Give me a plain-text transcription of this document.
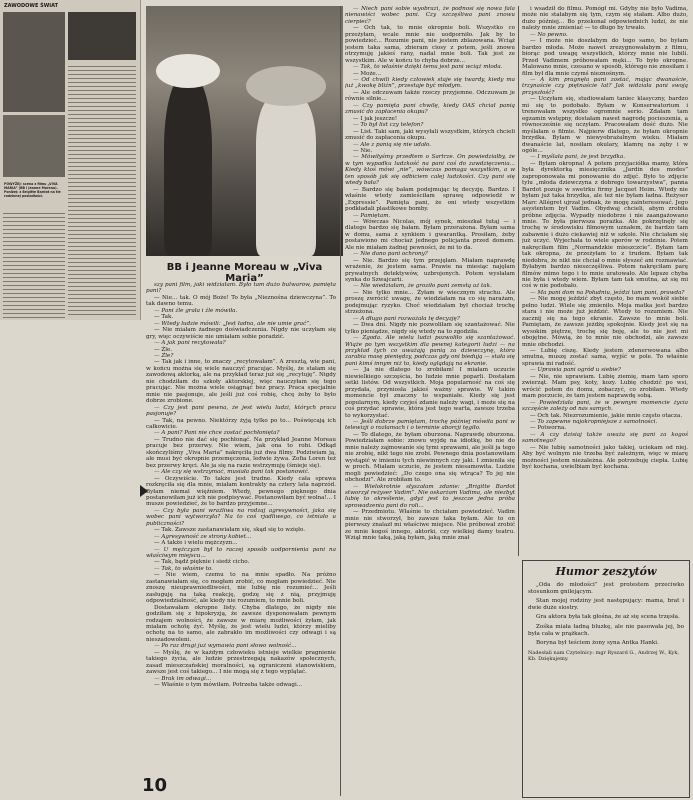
ZAWODOWE ŚWIAT
POWYŻEJ: scena z filmu „VIVA MARIA” (BB i Jeanne Moreau). Poniżej: z Brigitte Bardot na tle rodzinnej posiadłości.
BB i Jeanne Moreau w „Viva Maria”

szy pani film, jaki widziałam. Było tam dużo bulwarów, pamięta pani?

— Nie... tak. O mój Boże! To była „Nieznośna dziewczyna”. To tak dawno temu.

— Pani źle grała i źle mówiła.

— Tak.

— Wtedy ludzie mówili: „Jest ładna, ale nie umie grać”.

— Nie miałam żadnego doświadczenia. Nigdy nie uczyłam się gry, więc oczywiście nie umiałam sobie poradzić.

— A jak pani recytowała?

— Źle.

— Źle?

— Tak jak i inne, to znaczy „recytowałam”. A zresztą, wie pani, w końcu można się wiele nauczyć pracując. Myślę, że stałam się zawodową aktorką, ale na przykład teraz już się „recytuję”. Nigdy nie chodziłam do szkoły aktorskiej, więc nauczyłam się tego pracując. Nie można wiele osiągnąć bez pracy. Praca specjalnie mnie nie pasjonuje, ale jeśli już coś robię, chcę żeby to było dobrze zrobione.

— Czy jest pani pewna, że jest wielu ludzi, których praca pasjonuje?

— Tak, na pewno. Niektórzy żyją tylko po to... Poświęcają ich całkowicie.

— A pani? Pani nie chce zostać pochłonięta?

— Trudno nie dać się pochłonąć. Na przykład Jeanne Moreau pracuje bez przerwy. Nie wiem, jak ona to robi. Odkąd skończyliśmy „Viva Maria” nakręciła już dwa filmy. Podziwiam ją, ale musi być okropnie przemęczona, ledwie żywa. Zofia Loren też bez przerwy kręci. Ale ja się na razie wstrzymuję (śmieje się).

— Ale czy się wstrzymać, musiała pani tak postanowić.

— Oczywiście. To także jest trudne. Kiedy cała sprawa rozkręciła się dla mnie, miałam kontrakty na cztery lata naprzód. Byłam niemal więźniem. Wtedy, pewnego pięknego dnia postanowiłam już ich nie podpisywać. Postanowiłam być wolna!... I musze powiedzieć, że to bardzo przyjemne...

— Czy była pani wrażliwa na rodzaj agresywności, jaka się wobec pani wytworzyła? Na to coś rjadliwego, co istniało u publiczności?

— Tak. Zawsze zastanawiałam się, skąd się to wzięło.

— Agresywność ze strony kobiet...

— A także i wielu mężczyzn...

— U mężczyzn był to raczej sposób uodpornienia pani na właściwym miejscu...

— Tak, bądź pięknie i siedź cicho.

— Tak, to właśnie to.

— Nie wiem, czemu to na mnie spadło. Na próżno zastanawiałam się, co mogłam zrobić, co mogłam powiedzieć. Nie znoszę nieuprawniedliwości, nie lubię nie rozumieć... Jeśli zasługuję na taką reakcję, godzę się z nią, przyjmuję odpowiedzialność, ale kiedy nie rozumiem, to mnie boli.

Dostawałam okropne listy. Chyba dlatego, że nigdy nie godziłam się z hipokryzją, że zawsze dysponowałam pewnym rodzajem wolności, że zawsze w miarę możliwości żyłam, jak miałam ochotę żyć. Myślę, że jest wielu ludzi, którzy mieliby ochotę na to samo, ale zabrakło im możliwości czy odwagi i są nieszadowoleni.

— Po raz drugi już wymawia pani słowo wolność...

— Myślę, że w każdym człowieku istnieje wielkie pragnienie takiego życia, ale ludzie przestrzegają nakazów społecznych, zasad mieszczańskiej moralności, są ograniczeni stanowiskiem, zawsze jest coś takiego... I nie mogą się z tego wyplątać.

— Brak im odwagi...

— Właśnie o tym mówiłam. Potrzeba także odwagi...

— Niech pani sobie wyobrazi, że podnosi się nowa fala nienawiści wobec pani. Czy szczęśliwa pani znowu cierpieć?

— Och tak, to mnie okropnie boli. Wszystko co przeżyłam, wcale mnie nie uodporniło. Jak by to powiedzieć... Rozumie pani, nie jestem zblazowana. Wciąż jestem taka sama, zbieram ciosy z potem, jeśli znowu otrzymuję jakieś rany, nadal mnie boli. Tak jest ze wszystkim. Ale w końcu to chyba dobrze...

— Tak, to właśnie dzięki temu jest pani wciąż młoda.

— Może...

— Od chwili kiedy człowiek staje się twardy, kiedy ma już „kwokę bliźn”, przestaje być młodym.

— Ale odczuwam także rzeczy przyjemne. Odczuwam je równie silnie...

— Czy pamięta pani chwilę, kiedy OAS chciał panią zmusić do zapłacenia okupu?

— I jak jeszcze!

— To był list czy telefon?

— List. Taki sam, jaki wysyłali wszystkim, których chcieli zmusić do zapłacenia okupu.

— Ale z panią się nie udało.

— Nie.

— Mówiłyśmy przedtem o Sartrze. On powiedziałby, że w tym wypadku ludzkość na pani coś do zawdzięczenia... Kiedy ktoś mówi „nie”, wówczas pomaga wszystkim, a w ten sposób jak się odbiciem całej ludzkości. Czy pani się wtedy bała?

— Bardzo się bałam podejmując tę decyzję. Bardzo. I właśnie wtedy zamieściłam sprawę odpowiedź w „Expressie”. Pamięta pani, że oni wtedy wszystkim podkładali plastikowe bomby.

— Pamiętam.

— Wówczas Nicolas, mój synek, mieszkał tutaj — i dlatego bardzo się bałam. Byłam przerażona. Byłam sama w domu, sama z synkiem i gwarantką. Prosiłam, żeby postawiono mi chociaż jednego policjanta przed domem. Ale nie miałam żadnej pewności, że mi to da.

— Nie dano pani ochrony?

— Nie. Bardzo się tym przejęłam. Miałam naprawdę wrażenie, że jestem sama. Prawie na miesiąc najęłam prywatnych detektywów, uzbrojonych. Potem wysłałam synka do Szwajcarii.

— Nie wiedziałam, że groziło pani zemstą aż tak.

— Nie tylko mnie... Żyłam w wiecznym strachu. Ale proszę zwrócić uwagę, że wiedziałam na co się narażam, podejmując ryzyko. Choć wiedziałam był chociaż trochę strzeżona.

— A długo pani rozważała tę decyzję?

— Dwa dni. Nigdy nie pozwoliłam się szantażować. Nie tylko pieniądze, nigdy się wtedy na to zgodziła.

— Zgoda. Ale wielu ludzi pozwoliło się szantażować. Wiąże po tym wszystkim dla pewnej kategorii ludzi — na przykład tych co uważają panią za dziewczynę, która zarabia masę pieniędzy, podczas gdy oni biedują — stała się pani kimś innym niż to, kiedy oglądają na ekranie.

— Ja nie dlatego to zrobiłam! I miałam uczucie niewielkiego szczęścia, bo ludzie mnie poparli. Dostałam setki listów. Od wszystkich. Moja popularność na coś się przydała, przyniosła jakieś ważny sprawie. W takim momencie był znaczny to wspaniałe. Kiedy się jest popularnym, kiedy czyjeś zdanie należy wagi, i może się na coś przydać sprawie, która jest tego warta, zawsze trzeba to wykorzystać.

— Jeśli dobrze pamiętam, trochę później mówiła pani w telewizji o rozłamach i o terminie aborcji tęgiło.

— To dlatego, że byłam oburzona. Naprawdę oburzona. Powiedziałam sobie: znowu wyjdę na idiotkę, bo nie do mnie należy zajmowanie się tymi sprawami, ale jeśli ja tego nie zrobię, nikt tego nie zrobi. Pewnego dnia postanowiłam wystąpić w imieniu tych niewinnych czy jaki. I zmieniła się w proch. Miałam uczucie, że jestem niesamowita. Ludzie mogli powiedzieć: „Do czego ona się wtrąca? To jej nie obchodzi”. Ale zrobiłam to.

— Wielokrotnie słyszałam zdanie: „Brigitte Bardot stworzył reżyser Vadim”. Nie oskarżam Vadima, ale niezbyt lubię to określenie, gdyż jest to jeszcze jedna próba sprowadzenia pani do roli...

— Przedmiotu. Właśnie to chciałam powiedzieć. Vadim mnie nie stworzył, bo zawsze taka byłam. Ale to on pierwszy znalazł mi właściwe miejsce. Nie próbował zrobić ze mnie kogoś innego, aktorki, czy wielkiej damy teatru. Wziął mnie taką, jaką byłam, jaką mnie znał

i wsadził do filmu. Pomógł mi. Gdyby nie było Vadima, może nie stałabym się tym, czym się stałam. Albo dużo, dużo później... Bo przekonał odpowiednich ludzi, że nie należy mnie zmieniać — to długo by trwało.

— No pewno.

— I może nie doszłabym do tego samo, bo byłam bardzo młoda. Może nawet zrezygnowałabym z filmu, biorąc pod uwagę wszystkich, którzy mnie nie lubili. Przed Vadimem próbowałam męki... To było okropne. Malowano mnie, czesano w sposób, którego nie znosiłam i film był dla mnie czymś nieznośnym.

— A kim pragnęła pani zostać, mając dwanaście, trzynaście czy piętnaście lat? Jak widziała pani swoją przyszłość?

— Uczyłam się, studiowałam taniec klasyczny, bardzo mi się to podobało. Byłam w Konserwatorium i trenowałam wszystko ogromnie serio. Zdałam tam egzamin wstępny, dostałam nawet nagrodę pocieszenia, a równocześnie się uczyłam. Pracowałam dość dużo. Nie myślałam o filmie. Najpierw dlatego, że byłam okropnie brzydka. Byłam w niewyobrażalnym wieku. Miałam dwanaście lat, nosiłam okulary, klamrę na zęby i w ogóle...

— I myślała pani, że jest brzydka.

— Byłam okropna! A potem przyjaciółka mamy, która była dyrektorką miesięcznika „Jardin des modes” zaproponowała mi ponowanie do zdjęć. Było to zdjęcie tylu „młoda dziewczyna z dobrego towarzystwa”, panna Bardot pozuje w swetrku firmy Jacquet Heim. Wtedy nie byłam już taka brzydka, ale też nie byłam ładna. Reżyser Marc Allégret ujrzał jednak, że mogę zainteresować. Jego asystentem był Vadim. Obydwaj chcieli, abym zrobiła próbne zdjęcia. Wypadły niedobrze i nie zaangażowano mnie. To była pierwsza porażka. Ale pokrzętnęły się trochę w środowisku filmowym uznałem, że bardzo tam zabawnie i dużo ciekawiej niż w szkole. Nie chciałam się już uczyć. Wyjechała to wiele sporów w rodzinie. Potem nakręciłam film „Normandzkie mieszczcie”. Byłam tam tak okropna, że przeżyłam to z trudem. Byłam tak niedobra, że nikt nie chciał o mnie słyszeć ani rozmawiać. Byłabym bardzo nieszczęśliwa. Potem nakręciłam parę filmów mimo tego i to mnie uratowało. Ale lepsze chyba nie była i wtedy wiem. Byłam tam tak smutna, aż się mi coś w nie podobało.

— Ma pani dom na Południu, jeździ tam pani, prawda?

— Nie mogę jeździć zbyt często, bo mam wokół siebie pełno ludzi. Wiele się zmieniło. Moja matka jest bardzo stara i nie może już jeździć. Wtedy to rozumiem. Nie zacznij się na tego ekranie. Zawsze to mnie boli. Pamiętam, że zawsze jeżdżę spokojnie. Kiedy jest się na wysokim piętrze, trochę się boję, ale to nie jest mi obojętne. Mówią, że to mnie nie obchodzi, ale zawsze mnie obchodzi.

— Lubię ciszę. Kiedy jestem zdenerwowana albo smutna, muszę zostać sama, wyjść w pole. To właśnie sprawia mi radość.

— Uprawia pani ogród u siebie?

— Nie, nie uprawiam. Lubię ziemię, mam tam sporo zwierząt. Mam psy, koty, kozy. Lubię chodzić po wsi, wrócić potem do domu, zobaczyć, co zrobiłam. Wtedy mam poczucie, że tam jestem naprawdę sobą.

— Powiedziała pani, że w pewnym momencie życia szczęście zależy od nas samych.

— Och tak. Niezrozumienie, jakie mnie często otacza.

— To zapewne najokropniejsze z samotności.

— Potworna.

— A czy dzisiaj także uważa się pani za kogoś samotnego?

— Nie lubię samotności jako takiej, uciekam od niej. Aby być wolnym nie trzeba być zależnym, więc w miarę możności jestem niezależna. Ale potrzebuję ciepła. Lubię być kochana, uwielbiam być kochana.

Humor zeszytów

„Oda do młodości” jest protestem przeciwko stosunkom gnilejącym.

Stan mojej rodziny jest następujący: mama, brat i dwie duże siostry.

Gra aktora była tak głośna, że aż się scena trzęsła.

Zośka miała ładną bluzkę, ale nie pasowała jej, bo była cała w prążkach.

Boryna był teściem żony syna Antka Hanki.

Nadesłali nam Czytelnicy: mgr Ryszard G., Andrzej W., Kyk, Kb. Dziękujemy.
10
